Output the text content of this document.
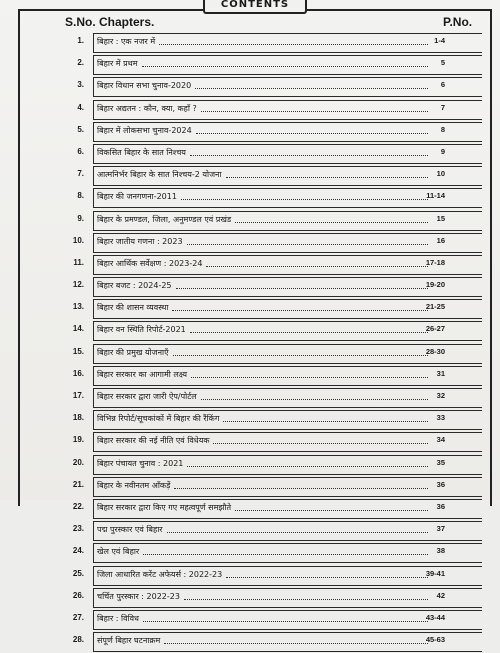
CONTENTS
S.No. Chapters.	P.No.
1. बिहार : एक नजर में	1-4
2. बिहार में प्रथम	5
3. बिहार विधान सभा चुनाव-2020	6
4. बिहार अद्यतन : कौन, क्या, कहाँ ?	7
5. बिहार में लोकसभा चुनाव-2024	8
6. विकसित बिहार के सात निश्चय	9
7. आत्मनिर्भर बिहार के सात निश्चय-2 योजना	10
8. बिहार की जनगणना-2011	11-14
9. बिहार के प्रमण्डल, जिला, अनुमण्डल एवं प्रखंड	15
10. बिहार जातीय गणना : 2023	16
11. बिहार आर्थिक सर्वेक्षण : 2023-24	17-18
12. बिहार बजट : 2024-25	19-20
13. बिहार की शासन व्यवस्था	21-25
14. बिहार वन स्थिति रिपोर्ट-2021	26-27
15. बिहार की प्रमुख योजनाएँ	28-30
16. बिहार सरकार का आगामी लक्ष्य	31
17. बिहार सरकार द्वारा जारी ऐप/पोर्टल	32
18. विभिन्न रिपोर्ट/सूचकांकों में बिहार की रैंकिंग	33
19. बिहार सरकार की नई नीति एवं विधेयक	34
20. बिहार पंचायत चुनाव : 2021	35
21. बिहार के नवीनतम आँकड़ें	36
22. बिहार सरकार द्वारा किए गए महत्वपूर्ण समझौते	36
23. पद्म पुरस्कार एवं बिहार	37
24. खेल एवं बिहार	38
25. जिला आधारित करेंट अफेयर्स : 2022-23	39-41
26. चर्चित पुरस्कार : 2022-23	42
27. बिहार : विविध	43-44
28. संपूर्ण बिहार घटनाक्रम	45-63
